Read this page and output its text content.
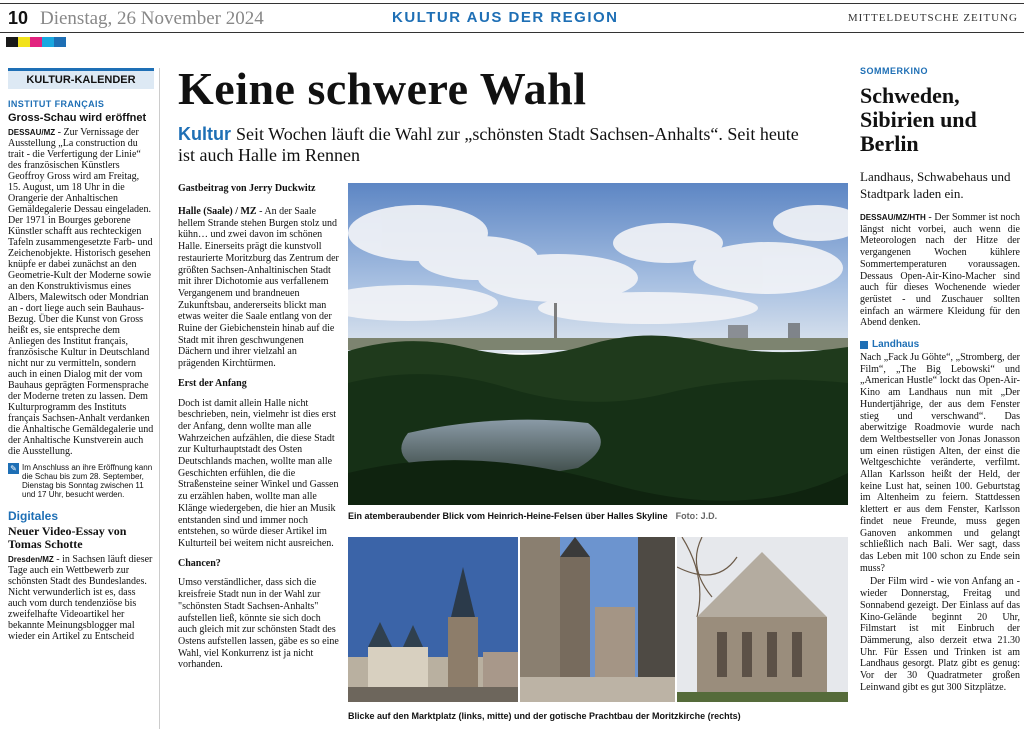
10 Dienstag, 26 November 2024	KULTUR AUS DER REGION	MITTELDEUTSCHE ZEITUNG
KULTUR-KALENDER
INSTITUT FRANÇAIS
Gross-Schau wird eröffnet
DESSAU/MZ - Zur Vernissage der Ausstellung „La construction du trait - die Verfertigung der Linie“ des französischen Künstlers Geoffroy Gross wird am Freitag, 15. August, um 18 Uhr in die Orangerie der Anhaltischen Gemäldegalerie Dessau eingeladen. Der 1971 in Bourges geborene Künstler schafft aus rechteckigen Tafeln zusammengesetzte Farb- und Zeichenobjekte. Historisch gesehen knüpfe er dabei zunächst an den Geometrie-Kult der Moderne sowie an den Konstruktivismus eines Albers, Malewitsch oder Mondrian an - dort liege auch sein Bauhaus-Bezug. Über die Kunst von Gross heißt es, sie entspreche dem Anliegen des Institut français, französische Kultur in Deutschland nicht nur zu vermitteln, sondern auch in einen Dialog mit der vom Bauhaus geprägten Formensprache der Moderne treten zu lassen. Dem Kulturprogramm des Instituts français Sachsen-Anhalt verdanken die Anhaltische Gemäldegalerie und der Anhaltische Kunstverein auch die Ausstellung.
✎ Im Anschluss an ihre Eröffnung kann die Schau bis zum 28. September, Dienstag bis Sonntag zwischen 11 und 17 Uhr, besucht werden.
Digitales
Neuer Video-Essay von Tomas Schotte
Dresden/MZ - in Sachsen läuft dieser Tage auch ein Wettbewerb zur schönsten Stadt des Bundeslandes. Nicht verwunderlich ist es, dass auch vom durch tendenziöse bis zweifelhafte Videoartikel her bekannte Meinungsblogger mal wieder ein Artikel zu Entscheid
Keine schwere Wahl
Kultur Seit Wochen läuft die Wahl zur „schönsten Stadt Sachsen-Anhalts“. Seit heute ist auch Halle im Rennen
Gastbeitrag von Jerry Duckwitz

Halle (Saale) / MZ - An der Saale hellem Strande stehen Burgen stolz und kühn… und zwei davon im schönen Halle. Einerseits prägt die kunstvoll restaurierte Moritzburg das Zentrum der größten Sachsen-Anhaltinischen Stadt mit ihrer Dichotomie aus verfallenem Vergangenem und brandneuen Zukunftsbau, andererseits blickt man etwas weiter die Saale entlang von der Ruine der Giebichenstein hinab auf die Stadt mit ihren geschwungenen Dächern und ihrer vielzahl an prägenden Kirchtürmen.

Erst der Anfang

Doch ist damit allein Halle nicht beschrieben, nein, vielmehr ist dies erst der Anfang, denn wollte man alle Wahrzeichen aufzählen, die diese Stadt zur Kulturhauptstadt des Osten Deutschlands machen, wollte man alle Geschichten erfühlen, die die Straßensteine seiner Winkel und Gassen zu erzählen haben, wollte man alle Klänge wiedergeben, die hier an Musik entstanden sind und immer noch entstehen, so würde dieser Artikel im Kulturteil bei weitem nicht ausreichen.

Chancen?

Umso verständlicher, dass sich die kreisfreie Stadt nun in der Wahl zur "schönsten Stadt Sachsen-Anhalts" aufstellen ließ, könnte sie sich doch auch gleich mit zur schönsten Stadt des Ostens aufstellen lassen, gäbe es so eine Wahl, viel Konkurrenz ist ja nicht vorhanden.

Ein atemberaubender Blick vom Heinrich-Heine-Felsen über Halles Skyline Foto: J.D.
Blicke auf den Marktplatz (links, mitte) und der gotische Prachtbau der Moritzkirche (rechts)
SOMMERKINO
Schweden, Sibirien und Berlin
Landhaus, Schwabehaus und Stadtpark laden ein.
DESSAU/MZ/HTH - Der Sommer ist noch längst nicht vorbei, auch wenn die Meteorologen nach der Hitze der vergangenen Wochen kühlere Sommertemperaturen voraussagen. Dessaus Open-Air-Kino-Macher sind auch für dieses Wochenende wieder gerüstet - und Zuschauer sollten einfach an wärmere Kleidung für den Abend denken.
Landhaus
Nach „Fack Ju Göhte“, „Stromberg, der Film“, „The Big Lebowski“ und „American Hustle“ lockt das Open-Air-Kino am Landhaus nun mit „Der Hundertjährige, der aus dem Fenster stieg und verschwand“. Das aberwitzige Roadmovie wurde nach dem Weltbestseller von Jonas Jonasson um einen rüstigen Alten, der einst die Weltgeschichte veränderte, verfilmt. Allan Karlsson heißt der Held, der keine Lust hat, seinen 100. Geburtstag im Altenheim zu feiern. Stattdessen klettert er aus dem Fenster, Karlsson findet neue Freunde, muss gegen Ganoven ankommen und gelangt schließlich nach Bali. Wer sagt, dass das Leben mit 100 schon zu Ende sein muss?
Der Film wird - wie von Anfang an - wieder Donnerstag, Freitag und Sonnabend gezeigt. Der Einlass auf das Kino-Gelände beginnt 20 Uhr, Filmstart ist mit Einbruch der Dämmerung, also derzeit etwa 21.30 Uhr. Für Essen und Trinken ist am Landhaus gesorgt. Platz gibt es genug: Vor der 30 Quadratmeter großen Leinwand gibt es gut 300 Sitzplätze.
